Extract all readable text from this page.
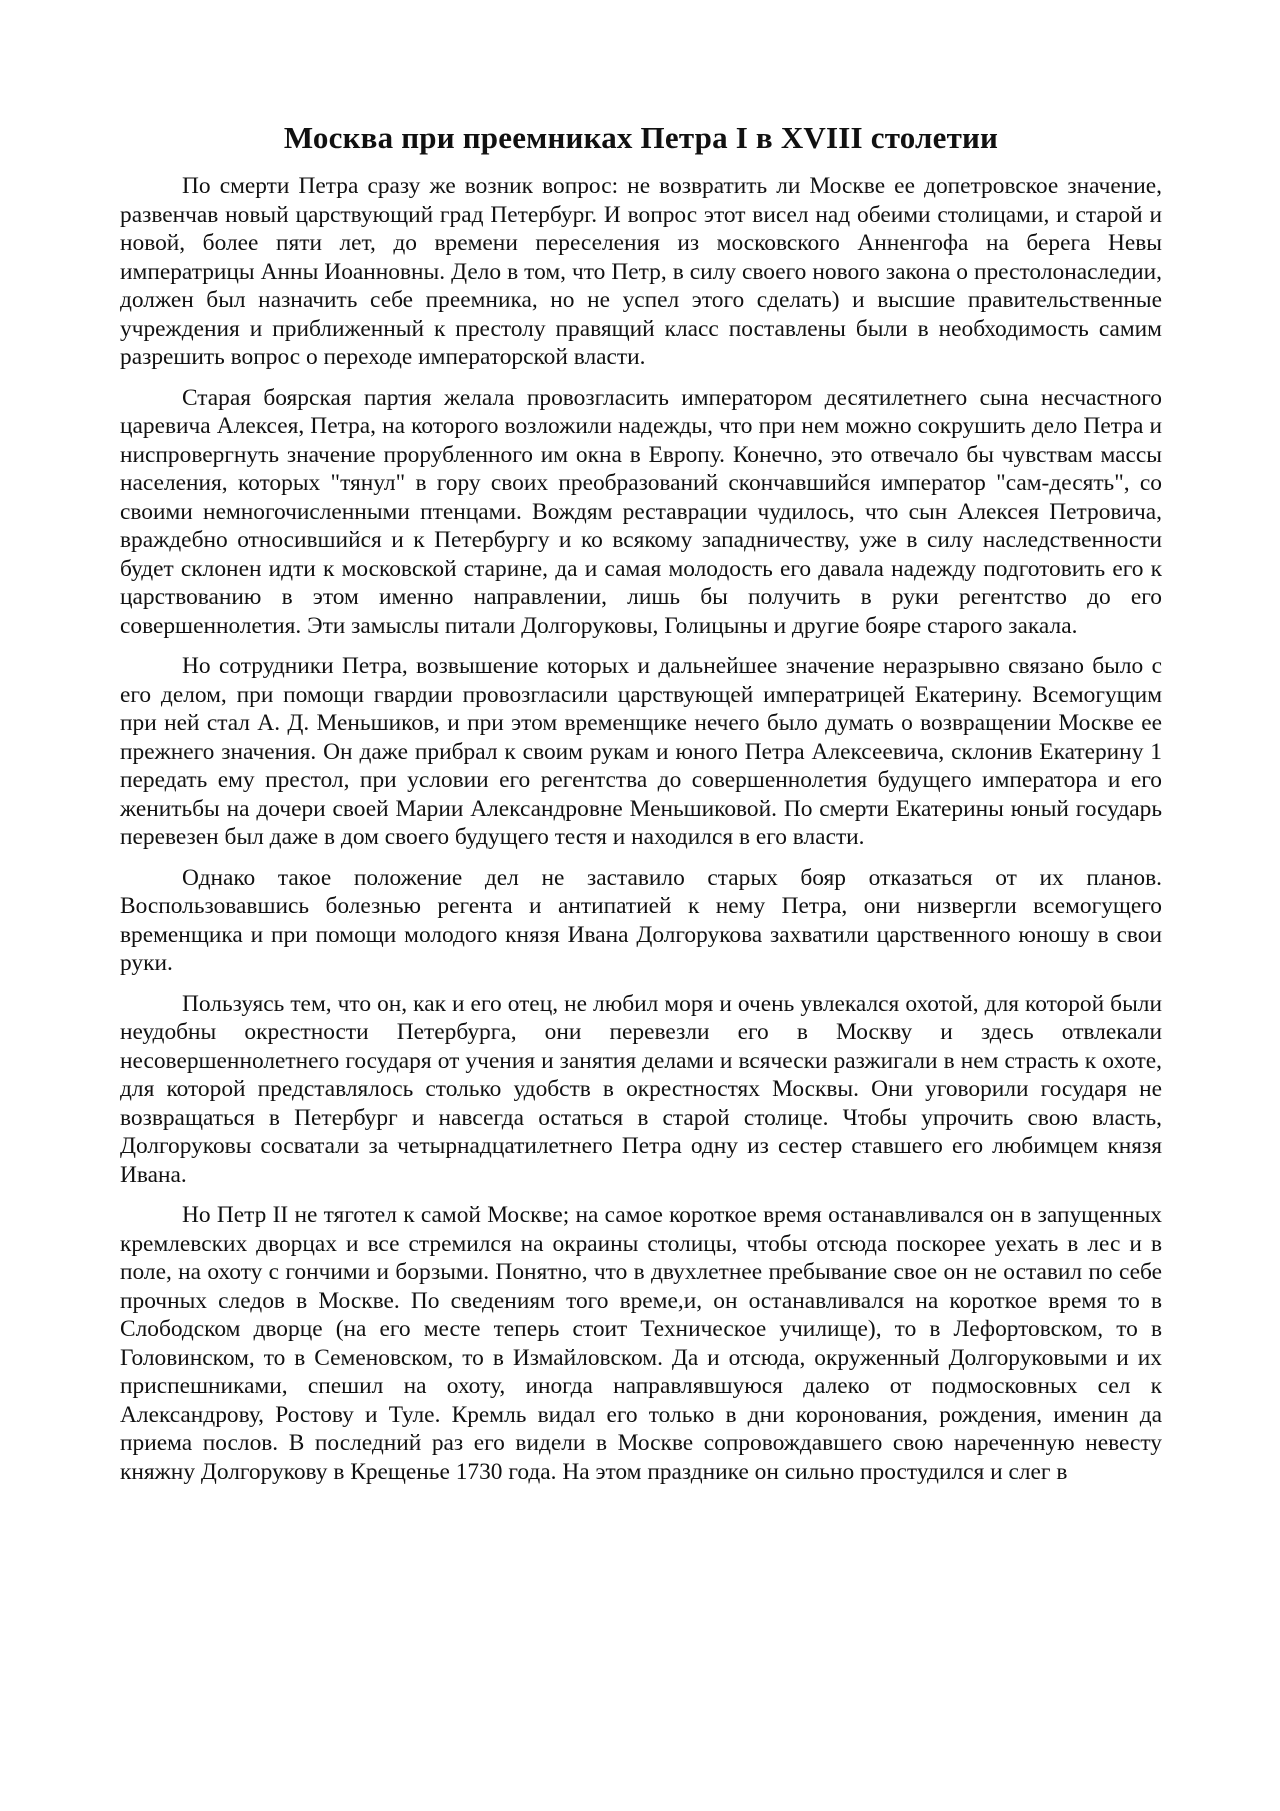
Москва при преемниках Петра I в XVIII столетии

По смерти Петра сразу же возник вопрос: не возвратить ли Москве ее допетровское значение, развенчав новый царствующий град Петербург. И вопрос этот висел над обеими столицами, и старой и новой, более пяти лет, до времени переселения из московского Анненгофа на берега Невы императрицы Анны Иоанновны. Дело в том, что Петр, в силу своего нового закона о престолонаследии, должен был назначить себе преемника, но не успел этого сделать) и высшие правительственные учреждения и приближенный к престолу правящий класс поставлены были в необходимость самим разрешить вопрос о переходе императорской власти.

Старая боярская партия желала провозгласить императором десятилетнего сына несчастного царевича Алексея, Петра, на которого возложили надежды, что при нем можно сокрушить дело Петра и ниспровергнуть значение прорубленного им окна в Европу. Конечно, это отвечало бы чувствам массы населения, которых "тянул" в гору своих преобразований скончавшийся император "сам-десять", со своими немногочисленными птенцами. Вождям реставрации чудилось, что сын Алексея Петровича, враждебно относившийся и к Петербургу и ко всякому западничеству, уже в силу наследственности будет склонен идти к московской старине, да и самая молодость его давала надежду подготовить его к царствованию в этом именно направлении, лишь бы получить в руки регентство до его совершеннолетия. Эти замыслы питали Долгоруковы, Голицыны и другие бояре старого закала.

Но сотрудники Петра, возвышение которых и дальнейшее значение неразрывно связано было с его делом, при помощи гвардии провозгласили царствующей императрицей Екатерину. Всемогущим при ней стал А. Д. Меньшиков, и при этом временщике нечего было думать о возвращении Москве ее прежнего значения. Он даже прибрал к своим рукам и юного Петра Алексеевича, склонив Екатерину 1 передать ему престол, при условии его регентства до совершеннолетия будущего императора и его женитьбы на дочери своей Марии Александровне Меньшиковой. По смерти Екатерины юный государь перевезен был даже в дом своего будущего тестя и находился в его власти.

Однако такое положение дел не заставило старых бояр отказаться от их планов. Воспользовавшись болезнью регента и антипатией к нему Петра, они низвергли всемогущего временщика и при помощи молодого князя Ивана Долгорукова захватили царственного юношу в свои руки.

Пользуясь тем, что он, как и его отец, не любил моря и очень увлекался охотой, для которой были неудобны окрестности Петербурга, они перевезли его в Москву и здесь отвлекали несовершеннолетнего государя от учения и занятия делами и всячески разжигали в нем страсть к охоте, для которой представлялось столько удобств в окрестностях Москвы. Они уговорили государя не возвращаться в Петербург и навсегда остаться в старой столице. Чтобы упрочить свою власть, Долгоруковы сосватали за четырнадцатилетнего Петра одну из сестер ставшего его любимцем князя Ивана.

Но Петр II не тяготел к самой Москве; на самое короткое время останавливался он в запущенных кремлевских дворцах и все стремился на окраины столицы, чтобы отсюда поскорее уехать в лес и в поле, на охоту с гончими и борзыми. Понятно, что в двухлетнее пребывание свое он не оставил по себе прочных следов в Москве. По сведениям того време,и, он останавливался на короткое время то в Слободском дворце (на его месте теперь стоит Техническое училище), то в Лефортовском, то в Головинском, то в Семеновском, то в Измайловском. Да и отсюда, окруженный Долгоруковыми и их приспешниками, спешил на охоту, иногда направлявшуюся далеко от подмосковных сел к Александрову, Ростову и Туле. Кремль видал его только в дни коронования, рождения, именин да приема послов. В последний раз его видели в Москве сопровождавшего свою нареченную невесту княжну Долгорукову в Крещенье 1730 года. На этом празднике он сильно простудился и слег в
